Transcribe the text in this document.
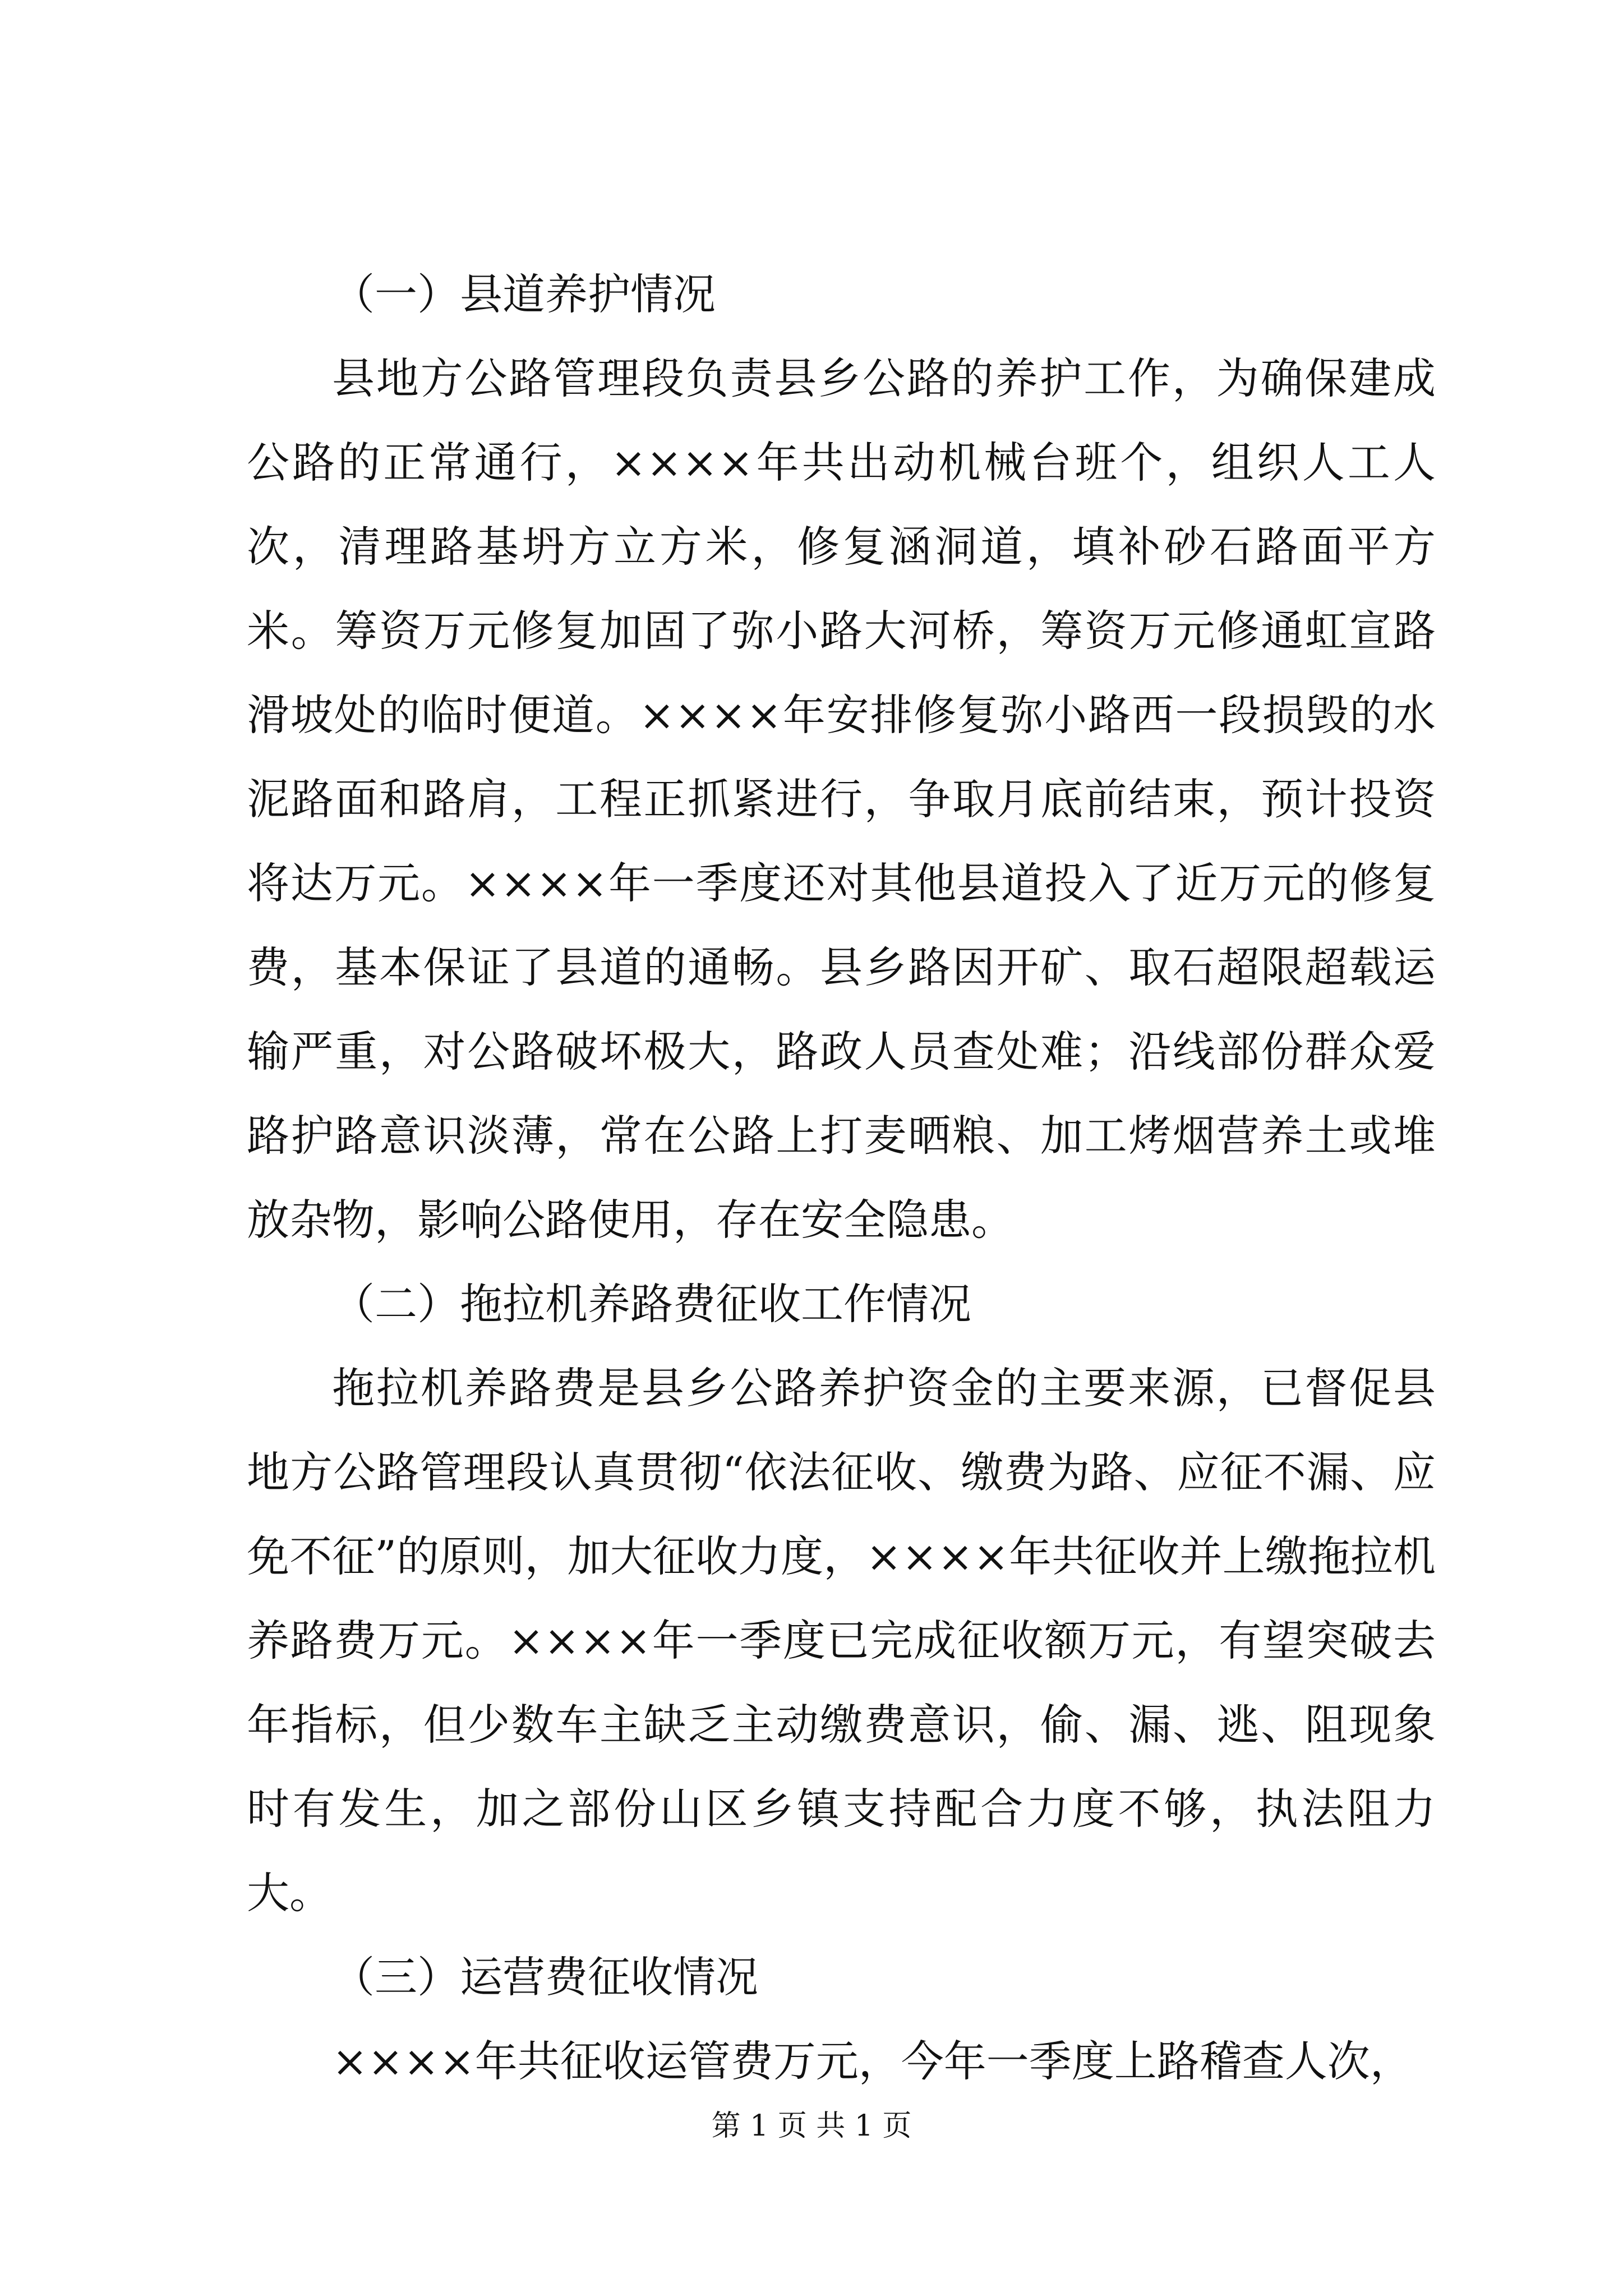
（一）县道养护情况

县地方公路管理段负责县乡公路的养护工作，为确保建成公路的正常通行，××××年共出动机械台班个，组织人工人次，清理路基坍方立方米，修复涵洞道，填补砂石路面平方米。筹资万元修复加固了弥小路大河桥，筹资万元修通虹宣路滑坡处的临时便道。××××年安排修复弥小路西一段损毁的水泥路面和路肩，工程正抓紧进行，争取月底前结束，预计投资将达万元。××××年一季度还对其他县道投入了近万元的修复费，基本保证了县道的通畅。县乡路因开矿、取石超限超载运输严重，对公路破坏极大，路政人员查处难；沿线部份群众爱路护路意识淡薄，常在公路上打麦晒粮、加工烤烟营养土或堆放杂物，影响公路使用，存在安全隐患。

（二）拖拉机养路费征收工作情况

拖拉机养路费是县乡公路养护资金的主要来源，已督促县地方公路管理段认真贯彻“依法征收、缴费为路、应征不漏、应免不征”的原则，加大征收力度，××××年共征收并上缴拖拉机养路费万元。××××年一季度已完成征收额万元，有望突破去年指标，但少数车主缺乏主动缴费意识，偷、漏、逃、阻现象时有发生，加之部份山区乡镇支持配合力度不够，执法阻力大。

（三）运营费征收情况

××××年共征收运管费万元，今年一季度上路稽查人次，

第 1 页 共 1 页
